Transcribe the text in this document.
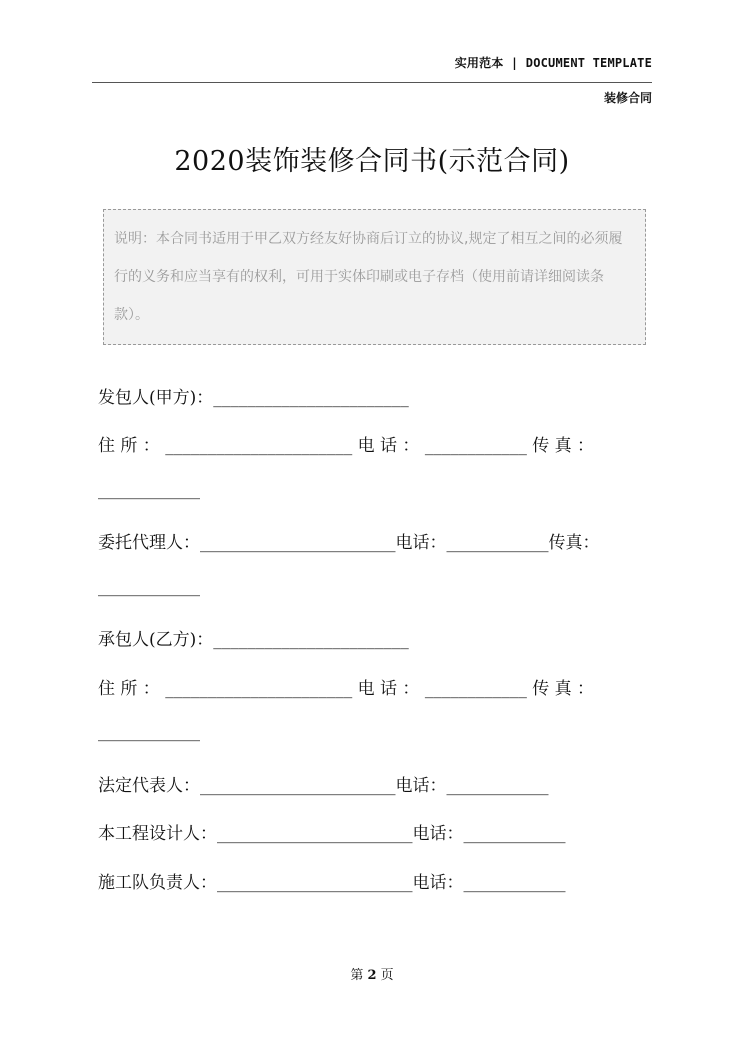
实用范本 | DOCUMENT TEMPLATE
装修合同
2020装饰装修合同书(示范合同)
说明：本合同书适用于甲乙双方经友好协商后订立的协议,规定了相互之间的必须履行的义务和应当享有的权利，可用于实体印刷或电子存档（使用前请详细阅读条款）。
发包人(甲方)：_______________________
住 所 ： ______________________ 电 话 ： ____________ 传 真 ：
____________
委托代理人：_______________________电话：____________传真：
____________
承包人(乙方)：_______________________
住 所 ： ______________________ 电 话 ： ____________ 传 真 ：
____________
法定代表人：_______________________电话：____________
本工程设计人：_______________________电话：____________
施工队负责人：_______________________电话：____________
第 2 页
